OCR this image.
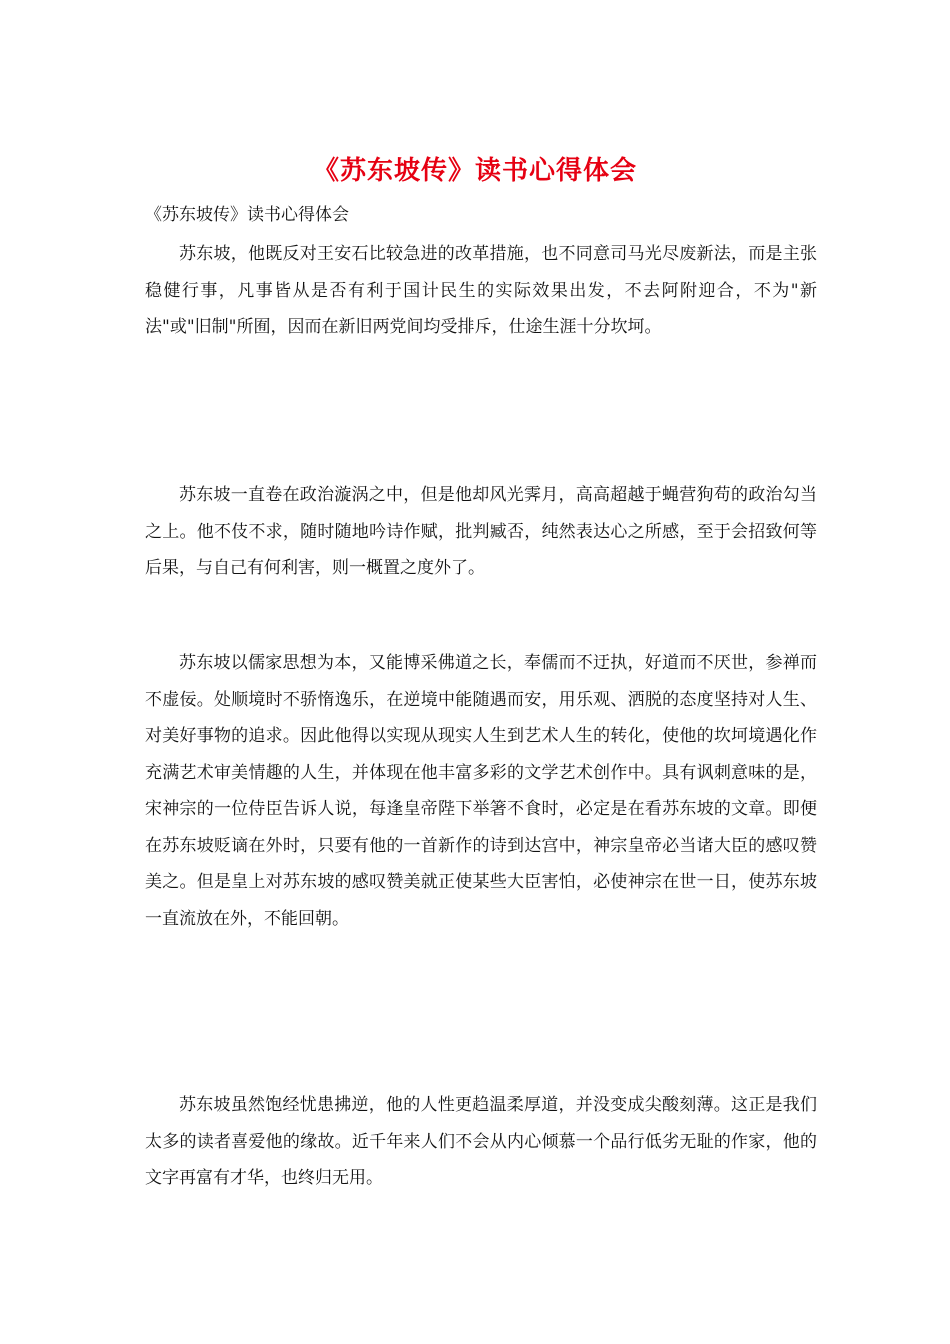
《苏东坡传》读书心得体会

《苏东坡传》读书心得体会

苏东坡，他既反对王安石比较急进的改革措施，也不同意司马光尽废新法，而是主张稳健行事，凡事皆从是否有利于国计民生的实际效果出发，不去阿附迎合，不为"新法"或"旧制"所囿，因而在新旧两党间均受排斥，仕途生涯十分坎坷。

苏东坡一直卷在政治漩涡之中，但是他却风光霁月，高高超越于蝇营狗苟的政治勾当之上。他不伎不求，随时随地吟诗作赋，批判臧否，纯然表达心之所感，至于会招致何等后果，与自己有何利害，则一概置之度外了。

苏东坡以儒家思想为本，又能博采佛道之长，奉儒而不迂执，好道而不厌世，参禅而不虚佞。处顺境时不骄惰逸乐，在逆境中能随遇而安，用乐观、洒脱的态度坚持对人生、对美好事物的追求。因此他得以实现从现实人生到艺术人生的转化，使他的坎坷境遇化作充满艺术审美情趣的人生，并体现在他丰富多彩的文学艺术创作中。具有讽刺意味的是，宋神宗的一位侍臣告诉人说，每逢皇帝陛下举箸不食时，必定是在看苏东坡的文章。即便在苏东坡贬谪在外时，只要有他的一首新作的诗到达宫中，神宗皇帝必当诸大臣的感叹赞美之。但是皇上对苏东坡的感叹赞美就正使某些大臣害怕，必使神宗在世一日，使苏东坡一直流放在外，不能回朝。

苏东坡虽然饱经忧患拂逆，他的人性更趋温柔厚道，并没变成尖酸刻薄。这正是我们太多的读者喜爱他的缘故。近千年来人们不会从内心倾慕一个品行低劣无耻的作家，他的文字再富有才华，也终归无用。
